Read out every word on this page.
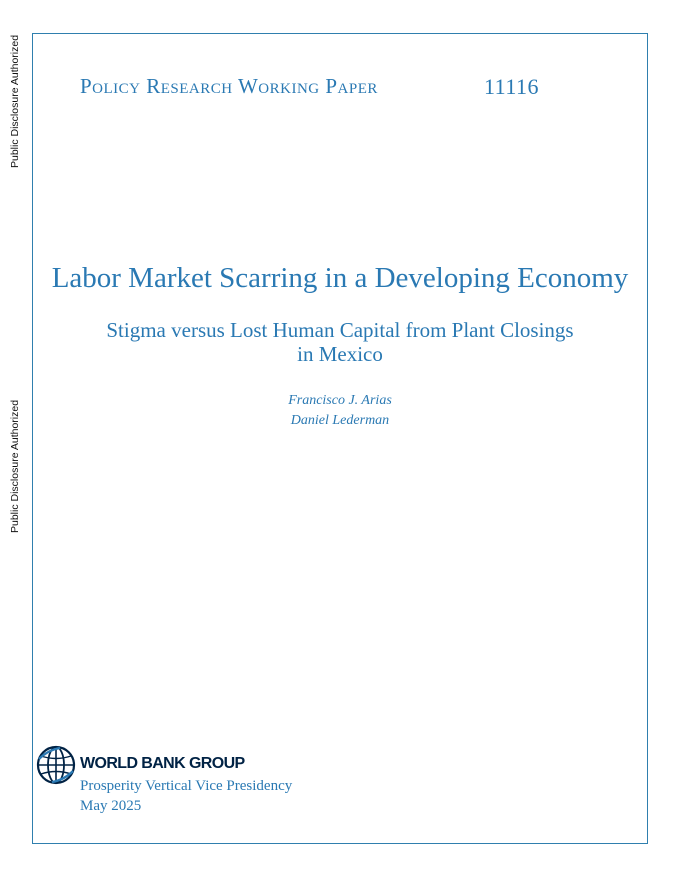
Public Disclosure Authorized
Public Disclosure Authorized
Policy Research Working Paper	11116
Labor Market Scarring in a Developing Economy
Stigma versus Lost Human Capital from Plant Closings
in Mexico
Francisco J. Arias
Daniel Lederman
WORLD BANK GROUP
Prosperity Vertical Vice Presidency
May 2025
